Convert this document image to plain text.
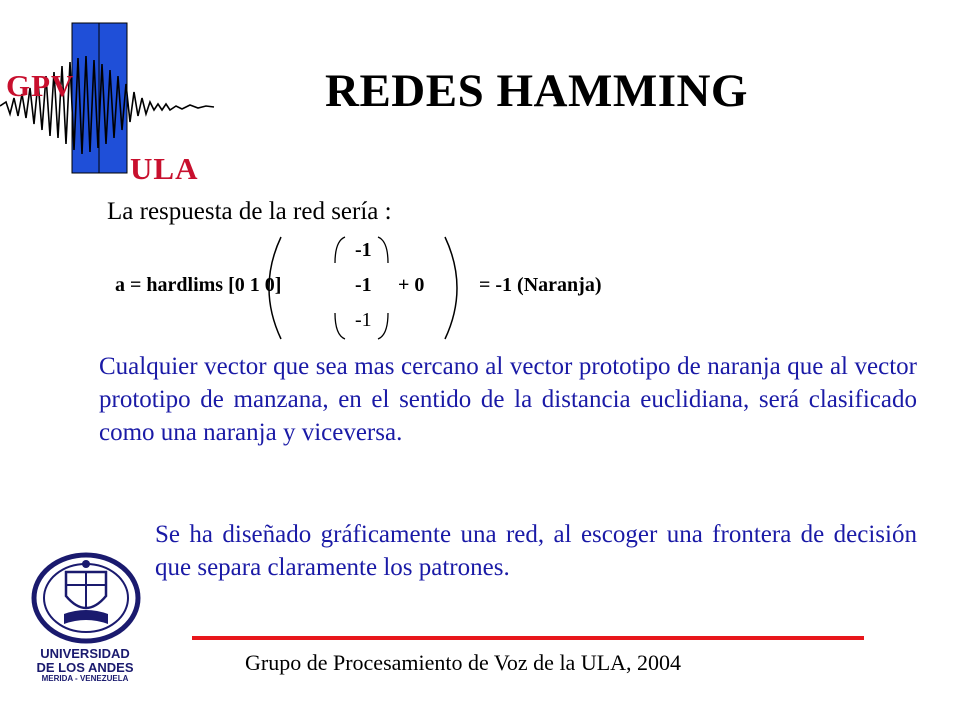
GPV
ULA
REDES HAMMING
La respuesta de la red sería :
a = hardlims [0 1 0]
-1
-1
-1
+ 0	= -1 (Naranja)

Cualquier vector que sea mas cercano al vector prototipo de naranja que al vector prototipo de manzana, en el sentido de la distancia euclidiana, será clasificado como una naranja y viceversa.

Se ha diseñado gráficamente una red, al escoger una frontera de decisión que separa claramente los patrones.

UNIVERSIDAD
DE LOS ANDES
MERIDA - VENEZUELA
Grupo de Procesamiento de Voz de la ULA, 2004
